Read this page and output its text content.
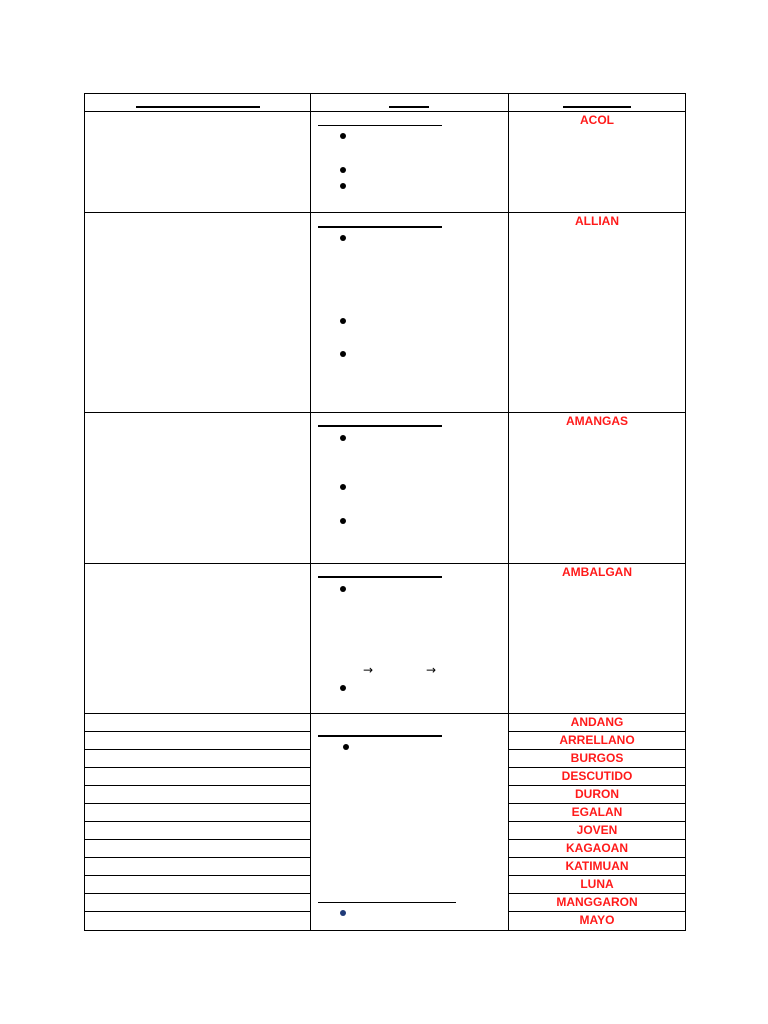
→	→
ACOL
ALLIAN
AMANGAS
AMBALGAN
ANDANG
ARRELLANO
BURGOS
DESCUTIDO
DURON
EGALAN
JOVEN
KAGAOAN
KATIMUAN
LUNA
MANGGARON
MAYO
